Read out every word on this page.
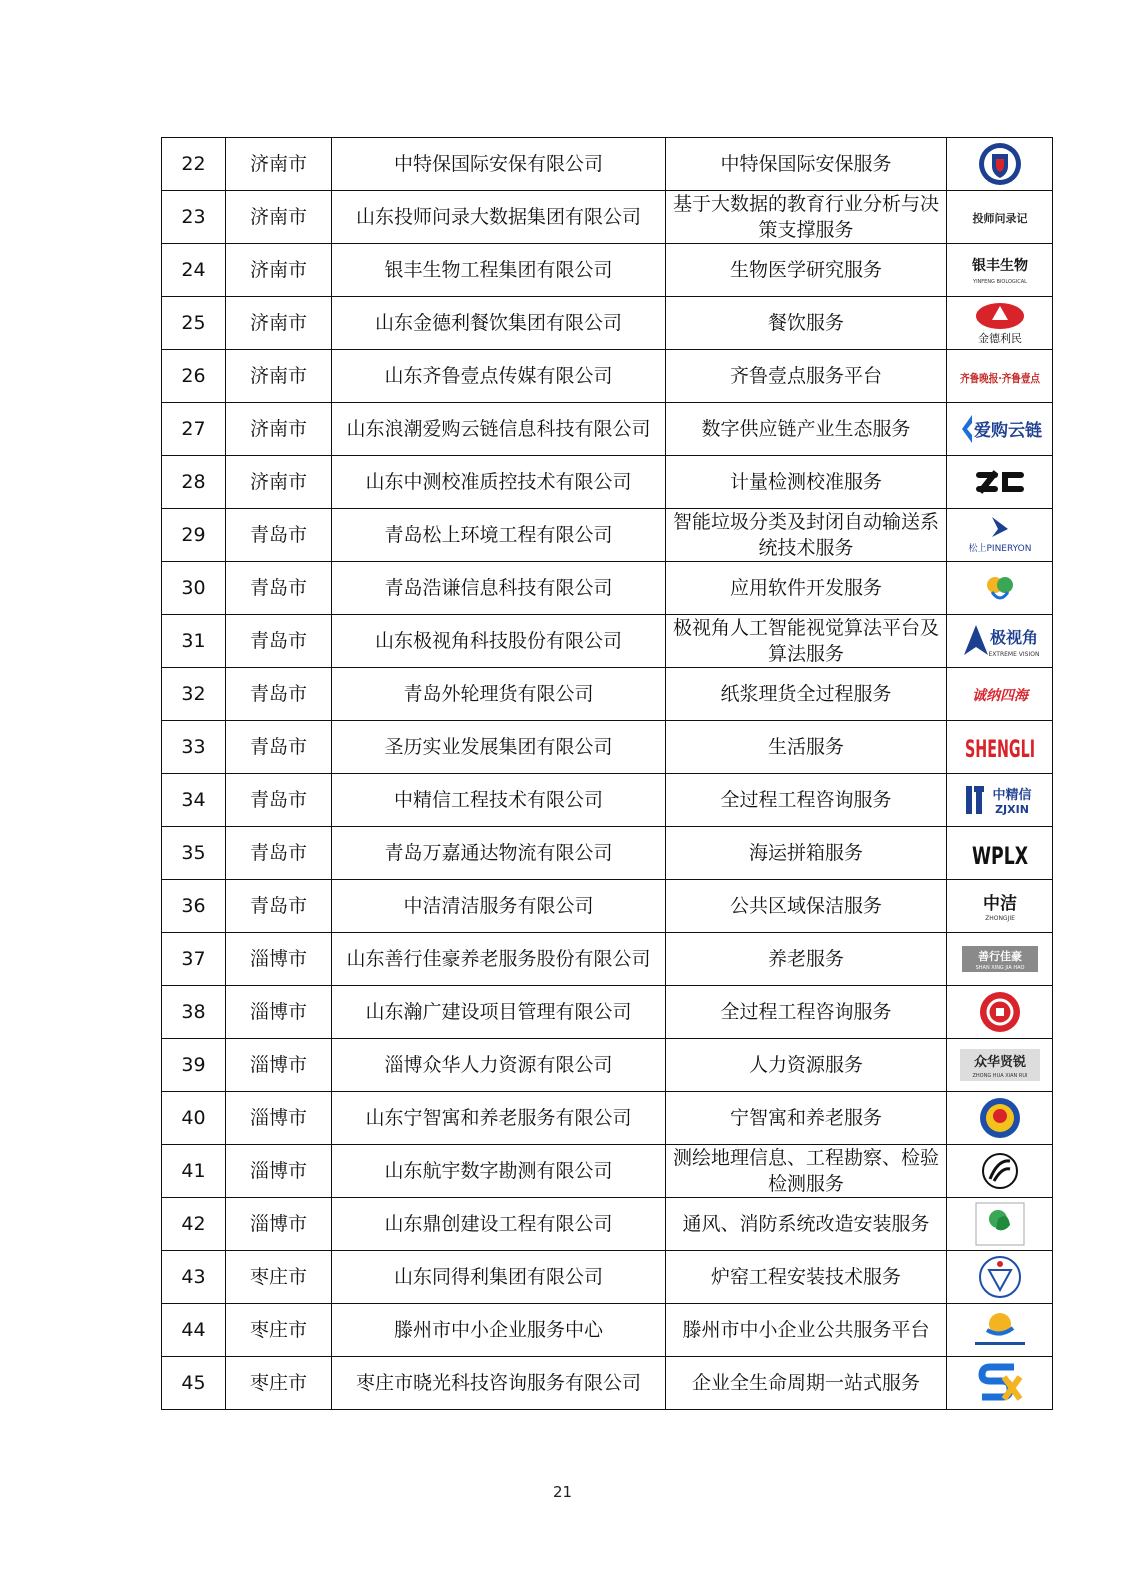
22	济南市	中特保国际安保有限公司	中特保国际安保服务	

23	济南市	山东投师问录大数据集团有限公司	基于大数据的教育行业分析与决策支撑服务	投师问录记

24	济南市	银丰生物工程集团有限公司	生物医学研究服务	银丰生物
YINFENG BIOLOGICAL

25	济南市	山东金德利餐饮集团有限公司	餐饮服务	金德利民

26	济南市	山东齐鲁壹点传媒有限公司	齐鲁壹点服务平台	齐鲁晚报·齐鲁壹点

27	济南市	山东浪潮爱购云链信息科技有限公司	数字供应链产业生态服务	爱购云链

28	济南市	山东中测校准质控技术有限公司	计量检测校准服务	

29	青岛市	青岛松上环境工程有限公司	智能垃圾分类及封闭自动输送系统技术服务	松上PINERYON

30	青岛市	青岛浩谦信息科技有限公司	应用软件开发服务	

31	青岛市	山东极视角科技股份有限公司	极视角人工智能视觉算法平台及算法服务	极视角
EXTREME VISION

32	青岛市	青岛外轮理货有限公司	纸浆理货全过程服务	诚纳四海

33	青岛市	圣历实业发展集团有限公司	生活服务	SHENGLI

34	青岛市	中精信工程技术有限公司	全过程工程咨询服务	中精信
ZJXIN

35	青岛市	青岛万嘉通达物流有限公司	海运拼箱服务	WPLX

36	青岛市	中洁清洁服务有限公司	公共区域保洁服务	中洁
ZHONGJIE

37	淄博市	山东善行佳豪养老服务股份有限公司	养老服务	善行佳豪
SHAN XING JIA HAO

38	淄博市	山东瀚广建设项目管理有限公司	全过程工程咨询服务	

39	淄博市	淄博众华人力资源有限公司	人力资源服务	众华贤锐
ZHONG HUA XIAN RUI

40	淄博市	山东宁智寓和养老服务有限公司	宁智寓和养老服务	

41	淄博市	山东航宇数字勘测有限公司	测绘地理信息、工程勘察、检验检测服务	

42	淄博市	山东鼎创建设工程有限公司	通风、消防系统改造安装服务	

43	枣庄市	山东同得利集团有限公司	炉窑工程安装技术服务	

44	枣庄市	滕州市中小企业服务中心	滕州市中小企业公共服务平台	

45	枣庄市	枣庄市晓光科技咨询服务有限公司	企业全生命周期一站式服务	
21
